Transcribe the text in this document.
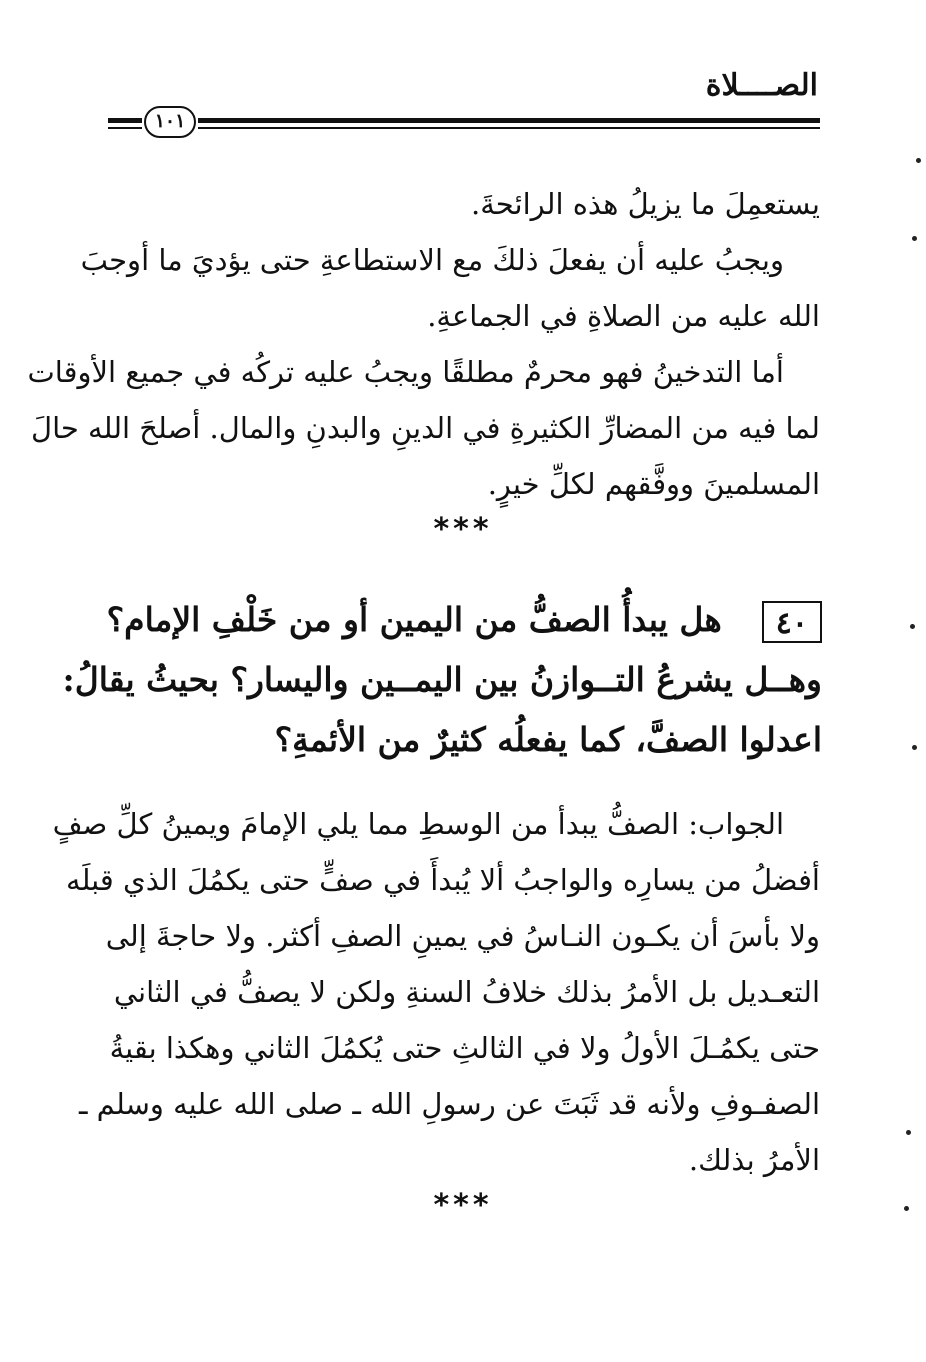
الصــــلاة
١٠١
يستعمِلَ ما يزيلُ هذه الرائحةَ.
ويجبُ عليه أن يفعلَ ذلكَ مع الاستطاعةِ حتى يؤديَ ما أوجبَ
الله عليه من الصلاةِ في الجماعةِ.
أما التدخينُ فهو محرمٌ مطلقًا ويجبُ عليه تركُه في جميع الأوقات
لما فيه من المضارِّ الكثيرةِ في الدينِ والبدنِ والمال. أصلحَ الله حالَ
المسلمينَ ووفَّقهم لكلِّ خيرٍ.
***
٤٠هل يبدأُ الصفُّ من اليمين أو من خَلْفِ الإمام؟
وهــل يشرعُ التــوازنُ بين اليمــين واليسار؟ بحيثُ يقالُ:
اعدلوا الصفَّ، كما يفعلُه كثيرٌ من الأئمةِ؟
الجواب: الصفُّ يبدأ من الوسطِ مما يلي الإمامَ ويمينُ كلِّ صفٍ
أفضلُ من يسارِه والواجبُ ألا يُبدأَ في صفٍّ حتى يكمُلَ الذي قبلَه
ولا بأسَ أن يكـون النـاسُ في يمينِ الصفِ أكثر. ولا حاجةَ إلى
التعـديل بل الأمرُ بذلك خلافُ السنةِ ولكن لا يصفُّ في الثاني
حتى يكمُـلَ الأولُ ولا في الثالثِ حتى يُكمُلَ الثاني وهكذا بقيةُ
الصفـوفِ ولأنه قد ثَبَتَ عن رسولِ الله ـ صلى الله عليه وسلم ـ
الأمرُ بذلك.
***
